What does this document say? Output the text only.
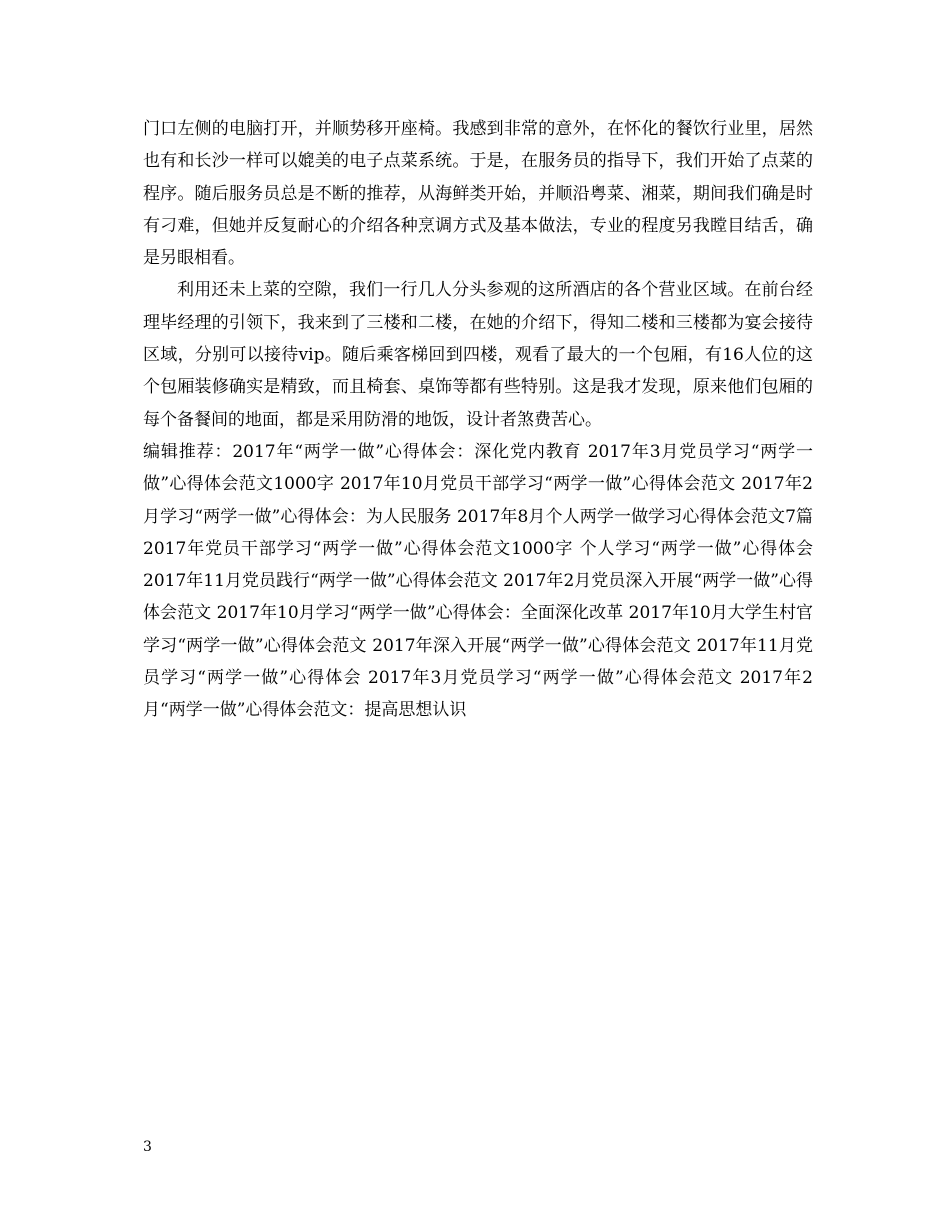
门口左侧的电脑打开，并顺势移开座椅。我感到非常的意外，在怀化的餐饮行业里，居然也有和长沙一样可以媲美的电子点菜系统。于是，在服务员的指导下，我们开始了点菜的程序。随后服务员总是不断的推荐，从海鲜类开始，并顺沿粤菜、湘菜，期间我们确是时有刁难，但她并反复耐心的介绍各种烹调方式及基本做法，专业的程度另我瞠目结舌，确是另眼相看。

利用还未上菜的空隙，我们一行几人分头参观的这所酒店的各个营业区域。在前台经理毕经理的引领下，我来到了三楼和二楼，在她的介绍下，得知二楼和三楼都为宴会接待区域，分别可以接待vip。随后乘客梯回到四楼，观看了最大的一个包厢，有16人位的这个包厢装修确实是精致，而且椅套、桌饰等都有些特别。这是我才发现，原来他们包厢的每个备餐间的地面，都是采用防滑的地饭，设计者煞费苦心。

编辑推荐：2017年“两学一做”心得体会：深化党内教育 2017年3月党员学习“两学一做”心得体会范文1000字 2017年10月党员干部学习“两学一做”心得体会范文 2017年2月学习“两学一做”心得体会：为人民服务 2017年8月个人两学一做学习心得体会范文7篇 2017年党员干部学习“两学一做”心得体会范文1000字 个人学习“两学一做”心得体会 2017年11月党员践行“两学一做”心得体会范文 2017年2月党员深入开展“两学一做”心得体会范文 2017年10月学习“两学一做”心得体会：全面深化改革 2017年10月大学生村官学习“两学一做”心得体会范文 2017年深入开展“两学一做”心得体会范文 2017年11月党员学习“两学一做”心得体会 2017年3月党员学习“两学一做”心得体会范文 2017年2月“两学一做”心得体会范文：提高思想认识

3
